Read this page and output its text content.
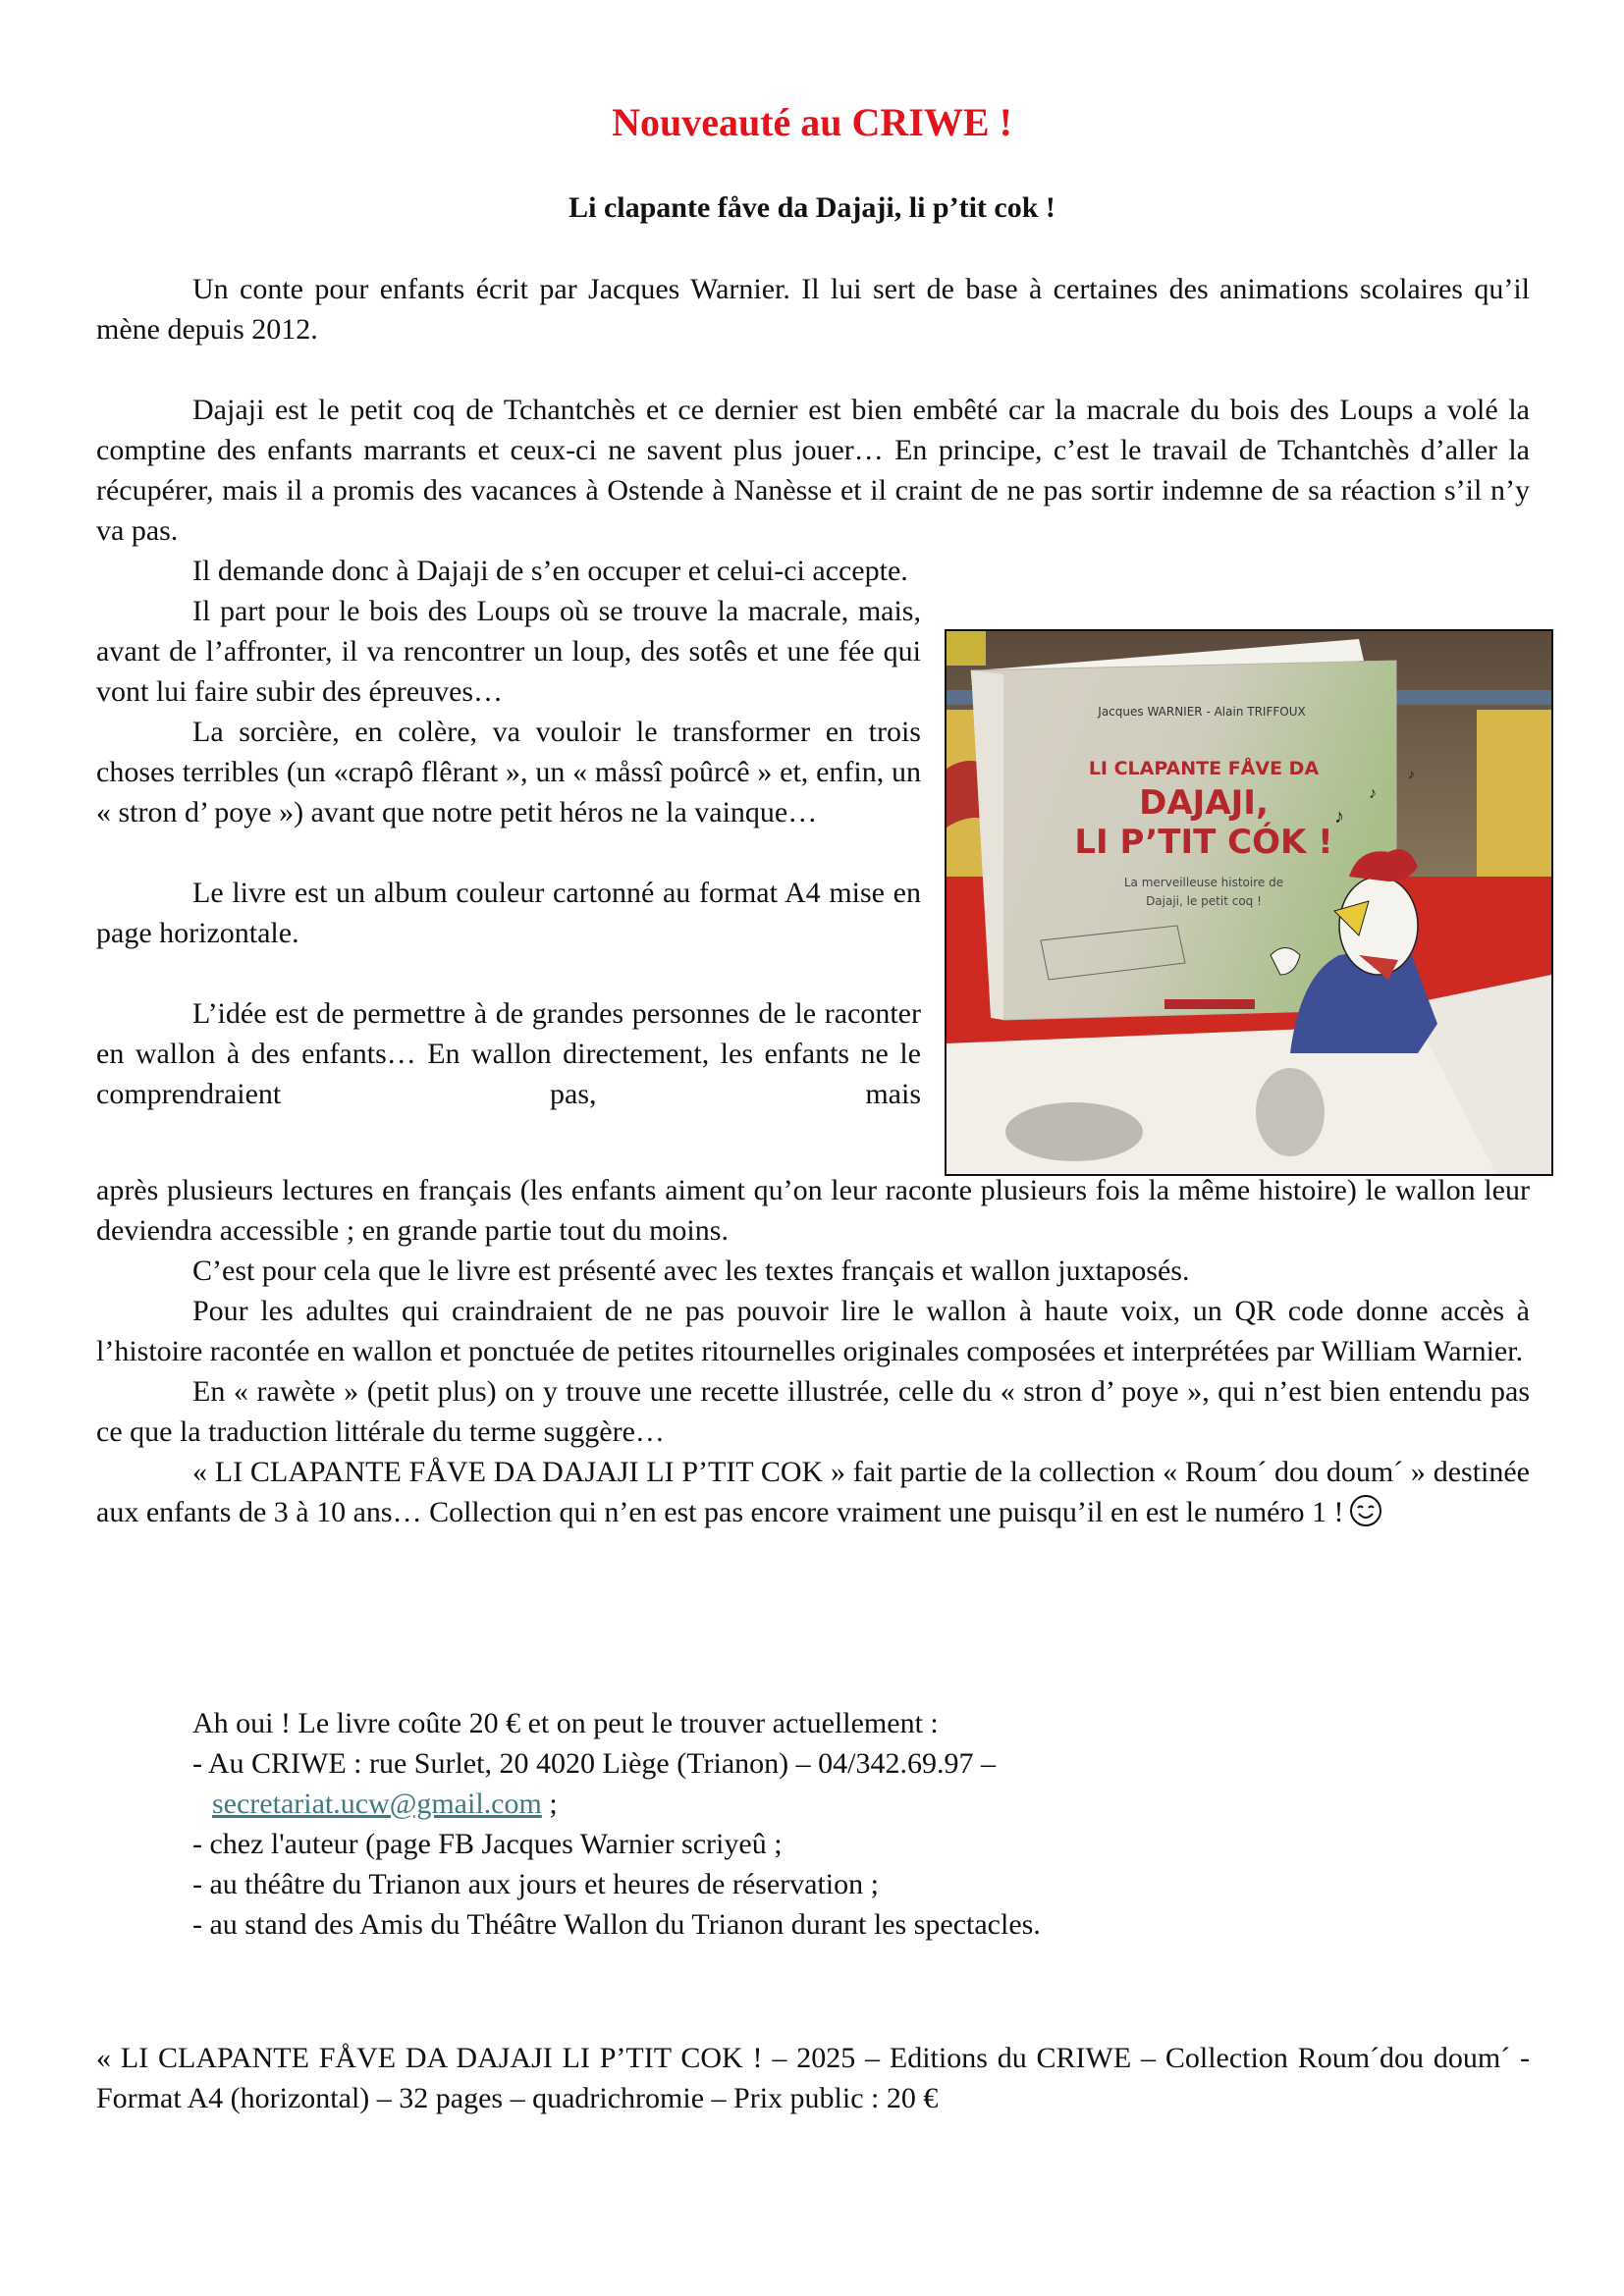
Nouveauté au CRIWE !
Li clapante fåve da Dajaji, li p’tit cok !

Un conte pour enfants écrit par Jacques Warnier. Il lui sert de base à certaines des animations scolaires qu’il mène depuis 2012.

Dajaji est le petit coq de Tchantchès et ce dernier est bien embêté car la macrale du bois des Loups a volé la comptine des enfants marrants et ceux-ci ne savent plus jouer… En principe, c’est le travail de Tchantchès d’aller la récupérer, mais il a promis des vacances à Ostende à Nanèsse et il craint de ne pas sortir indemne de sa réaction s’il n’y va pas.

Il demande donc à Dajaji de s’en occuper et celui-ci accepte.

Il part pour le bois des Loups où se trouve la macrale, mais, avant de l’affronter, il va rencontrer un loup, des sotês et une fée qui vont lui faire subir des épreuves…

La sorcière, en colère, va vouloir le transformer en trois choses terribles (un «crapô flêrant », un « måssî poûrcê » et, enfin, un « stron d’ poye ») avant que notre petit héros ne la vainque…

Le livre est un album couleur cartonné au format A4 mise en page horizontale.

L’idée est de permettre à de grandes personnes de le raconter en wallon à des enfants… En wallon directement, les enfants ne le comprendraient pas, mais

Jacques WARNIER - Alain TRIFFOUX
LI CLAPANTE FÅVE DA
DAJAJI,
LI P’TIT CÓK !
La merveilleuse histoire de
Dajaji, le petit coq !
♪
♪
♪

après plusieurs lectures en français (les enfants aiment qu’on leur raconte plusieurs fois la même histoire) le wallon leur deviendra accessible ; en grande partie tout du moins.

C’est pour cela que le livre est présenté avec les textes français et wallon juxtaposés.

Pour les adultes qui craindraient de ne pas pouvoir lire le wallon à haute voix, un QR code donne accès à l’histoire racontée en wallon et ponctuée de petites ritournelles originales composées et interprétées par William Warnier.

En « rawète » (petit plus) on y trouve une recette illustrée, celle du « stron d’ poye », qui n’est bien entendu pas ce que la traduction littérale du terme suggère…

« LI CLAPANTE FÅVE DA DAJAJI LI P’TIT COK » fait partie de la collection « Roum´ dou doum´ » destinée aux enfants de 3 à 10 ans… Collection qui n’en est pas encore vraiment une puisqu’il en est le numéro 1 !

Ah oui ! Le livre coûte 20 € et on peut le trouver actuellement :

- Au CRIWE : rue Surlet, 20 4020 Liège (Trianon) – 04/342.69.97 –

secretariat.ucw@gmail.com ;

- chez l'auteur (page FB Jacques Warnier scriyeû ;

- au théâtre du Trianon aux jours et heures de réservation ;

- au stand des Amis du Théâtre Wallon du Trianon durant les spectacles.

« LI CLAPANTE FÅVE DA DAJAJI LI P’TIT COK ! – 2025 – Editions du CRIWE – Collection Roum´dou doum´ - Format A4 (horizontal) – 32 pages – quadrichromie – Prix public : 20 €
